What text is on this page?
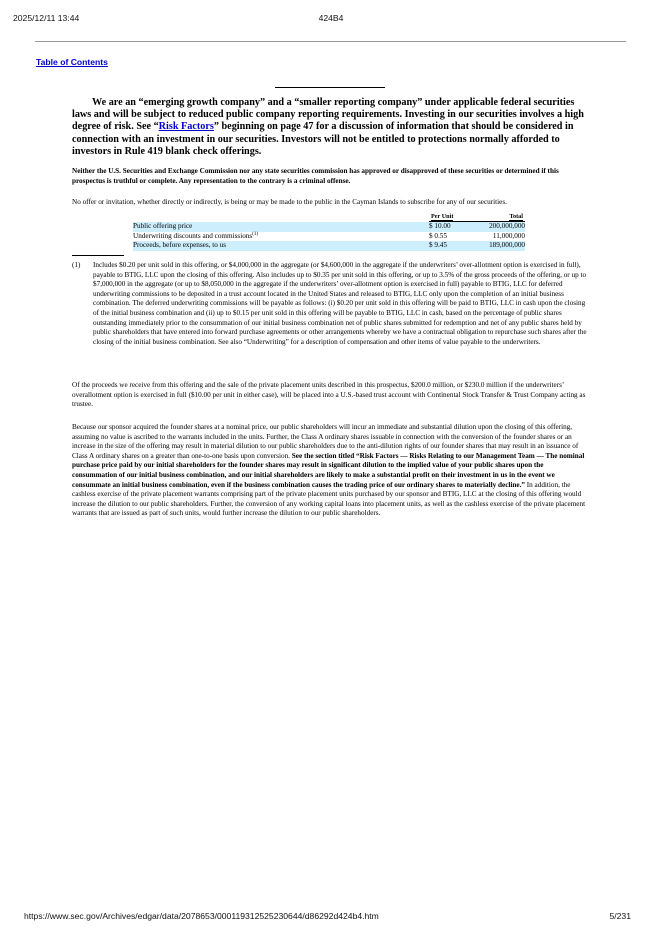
2025/12/11 13:44	424B4
Table of Contents

We are an “emerging growth company” and a “smaller reporting company” under applicable federal securities laws and will be subject to reduced public company reporting requirements. Investing in our securities involves a high degree of risk. See “Risk Factors” beginning on page 47 for a discussion of information that should be considered in connection with an investment in our securities. Investors will not be entitled to protections normally afforded to investors in Rule 419 blank check offerings.

Neither the U.S. Securities and Exchange Commission nor any state securities commission has approved or disapproved of these securities or determined if this prospectus is truthful or complete. Any representation to the contrary is a criminal offense.

No offer or invitation, whether directly or indirectly, is being or may be made to the public in the Cayman Islands to subscribe for any of our securities.

	Per Unit	Total
Public offering price	$ 10.00	200,000,000
Underwriting discounts and commissions$^{(1)}$	$ 0.55	11,000,000
Proceeds, before expenses, to us	$ 9.45	189,000,000
(1) Includes $0.20 per unit sold in this offering, or $4,000,000 in the aggregate (or $4,600,000 in the aggregate if the underwriters’ over-allotment option is exercised in full), payable to BTIG, LLC upon the closing of this offering. Also includes up to $0.35 per unit sold in this offering, or up to 3.5% of the gross proceeds of the offering, or up to $7,000,000 in the aggregate (or up to $8,050,000 in the aggregate if the underwriters’ over-allotment option is exercised in full) payable to BTIG, LLC for deferred underwriting commissions to be deposited in a trust account located in the United States and released to BTIG, LLC only upon the completion of an initial business combination. The deferred underwriting commissions will be payable as follows: (i) $0.20 per unit sold in this offering will be paid to BTIG, LLC in cash upon the closing of the initial business combination and (ii) up to $0.15 per unit sold in this offering will be payable to BTIG, LLC in cash, based on the percentage of public shares outstanding immediately prior to the consummation of our initial business combination net of public shares submitted for redemption and net of any public shares held by public shareholders that have entered into forward purchase agreements or other arrangements whereby we have a contractual obligation to repurchase such shares after the closing of the initial business combination. See also “Underwriting” for a description of compensation and other items of value payable to the underwriters.
Of the proceeds we receive from this offering and the sale of the private placement units described in this prospectus, $200.0 million, or $230.0 million if the underwriters’ overallotment option is exercised in full ($10.00 per unit in either case), will be placed into a U.S.-based trust account with Continental Stock Transfer & Trust Company acting as trustee.
Because our sponsor acquired the founder shares at a nominal price, our public shareholders will incur an immediate and substantial dilution upon the closing of this offering, assuming no value is ascribed to the warrants included in the units. Further, the Class A ordinary shares issuable in connection with the conversion of the founder shares or an increase in the size of the offering may result in material dilution to our public shareholders due to the anti-dilution rights of our founder shares that may result in an issuance of Class A ordinary shares on a greater than one-to-one basis upon conversion. See the section titled “Risk Factors — Risks Relating to our Management Team — The nominal purchase price paid by our initial shareholders for the founder shares may result in significant dilution to the implied value of your public shares upon the consummation of our initial business combination, and our initial shareholders are likely to make a substantial profit on their investment in us in the event we consummate an initial business combination, even if the business combination causes the trading price of our ordinary shares to materially decline.” In addition, the cashless exercise of the private placement warrants comprising part of the private placement units purchased by our sponsor and BTIG, LLC at the closing of this offering would increase the dilution to our public shareholders. Further, the conversion of any working capital loans into placement units, as well as the cashless exercise of the private placement warrants that are issued as part of such units, would further increase the dilution to our public shareholders.
https://www.sec.gov/Archives/edgar/data/2078653/000119312525230644/d86292d424b4.htm	5/231
